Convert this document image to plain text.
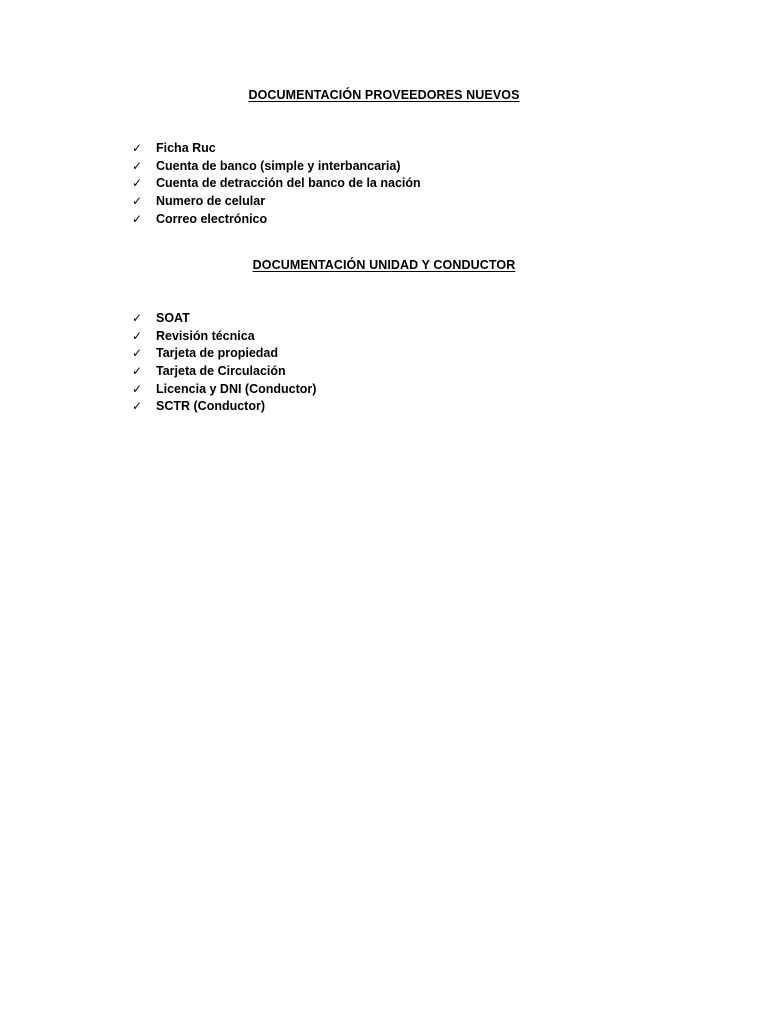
DOCUMENTACIÓN PROVEEDORES NUEVOS
✓	Ficha Ruc
✓	Cuenta de banco (simple y interbancaria)
✓	Cuenta de detracción del banco de la nación
✓	Numero de celular
✓	Correo electrónico
DOCUMENTACIÓN UNIDAD Y CONDUCTOR
✓	SOAT
✓	Revisión técnica
✓	Tarjeta de propiedad
✓	Tarjeta de Circulación
✓	Licencia y DNI (Conductor)
✓	SCTR (Conductor)
